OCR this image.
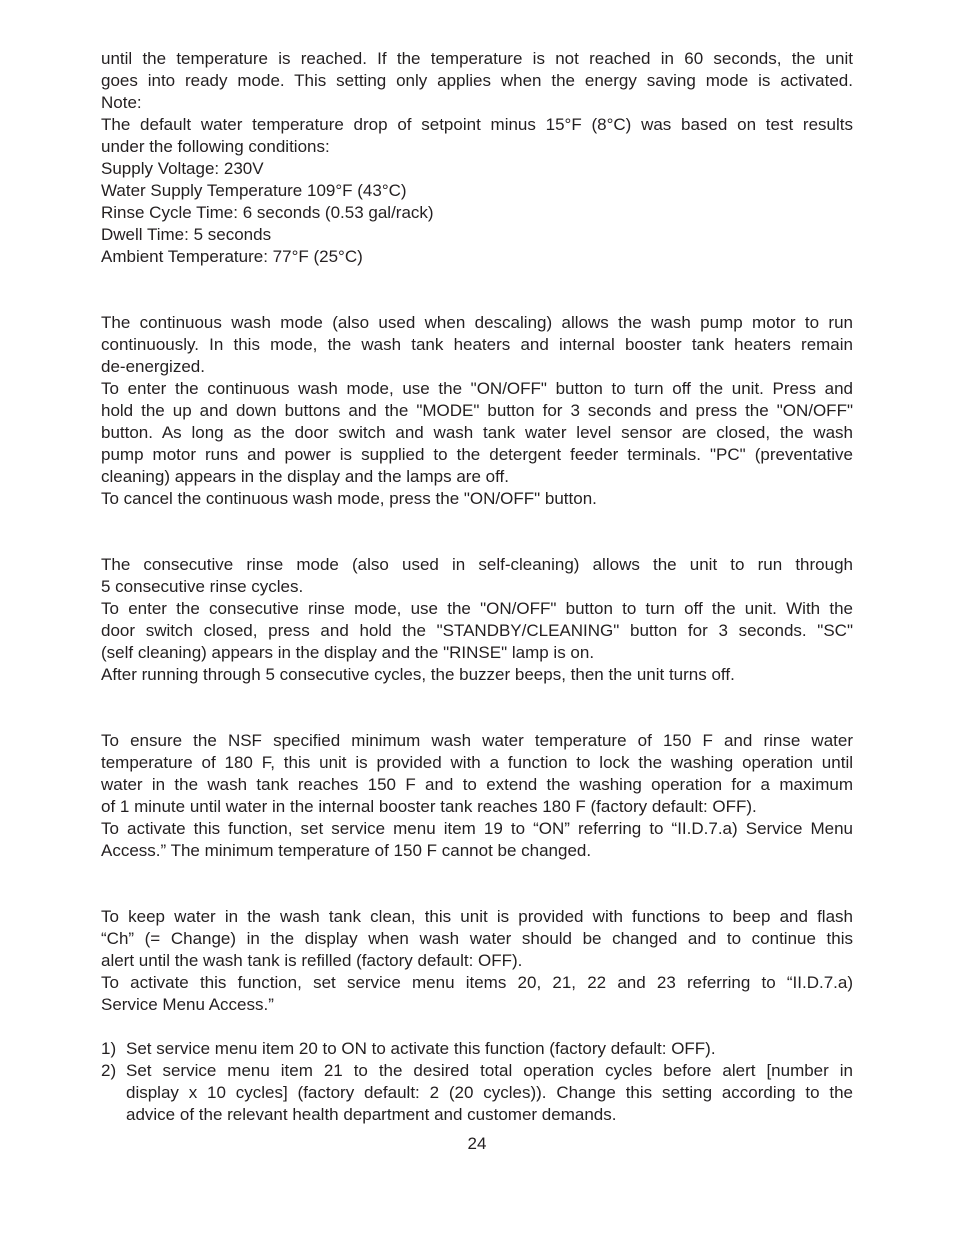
until the temperature is reached. If the temperature is not reached in 60 seconds, the unit
goes into ready mode. This setting only applies when the energy saving mode is activated.
Note:
The default water temperature drop of setpoint minus 15°F (8°C) was based on test results
under the following conditions:
Supply Voltage: 230V
Water Supply Temperature 109°F (43°C)
Rinse Cycle Time: 6 seconds (0.53 gal/rack)
Dwell Time: 5 seconds
Ambient Temperature: 77°F (25°C)
The continuous wash mode (also used when descaling) allows the wash pump motor to run
continuously. In this mode, the wash tank heaters and internal booster tank heaters remain
de-energized.
To enter the continuous wash mode, use the "ON/OFF" button to turn off the unit. Press and
hold the up and down buttons and the "MODE" button for 3 seconds and press the "ON/OFF"
button. As long as the door switch and wash tank water level sensor are closed, the wash
pump motor runs and power is supplied to the detergent feeder terminals. "PC" (preventative
cleaning) appears in the display and the lamps are off.
To cancel the continuous wash mode, press the "ON/OFF" button.
The consecutive rinse mode (also used in self-cleaning) allows the unit to run through
5 consecutive rinse cycles.
To enter the consecutive rinse mode, use the "ON/OFF" button to turn off the unit. With the
door switch closed, press and hold the "STANDBY/CLEANING" button for 3 seconds. "SC"
(self cleaning) appears in the display and the "RINSE" lamp is on.
After running through 5 consecutive cycles, the buzzer beeps, then the unit turns off.
To ensure the NSF specified minimum wash water temperature of 150 F and rinse water
temperature of 180 F, this unit is provided with a function to lock the washing operation until
water in the wash tank reaches 150 F and to extend the washing operation for a maximum
of 1 minute until water in the internal booster tank reaches 180 F (factory default: OFF).
To activate this function, set service menu item 19 to “ON” referring to “II.D.7.a) Service Menu
Access.” The minimum temperature of 150 F cannot be changed.
To keep water in the wash tank clean, this unit is provided with functions to beep and flash
“Ch” (= Change) in the display when wash water should be changed and to continue this
alert until the wash tank is refilled (factory default: OFF).
To activate this function, set service menu items 20, 21, 22 and 23 referring to “II.D.7.a)
Service Menu Access.”
1) Set service menu item 20 to ON to activate this function (factory default: OFF).
2) Set service menu item 21 to the desired total operation cycles before alert [number in
display x 10 cycles] (factory default: 2 (20 cycles)). Change this setting according to the
advice of the relevant health department and customer demands.
24
